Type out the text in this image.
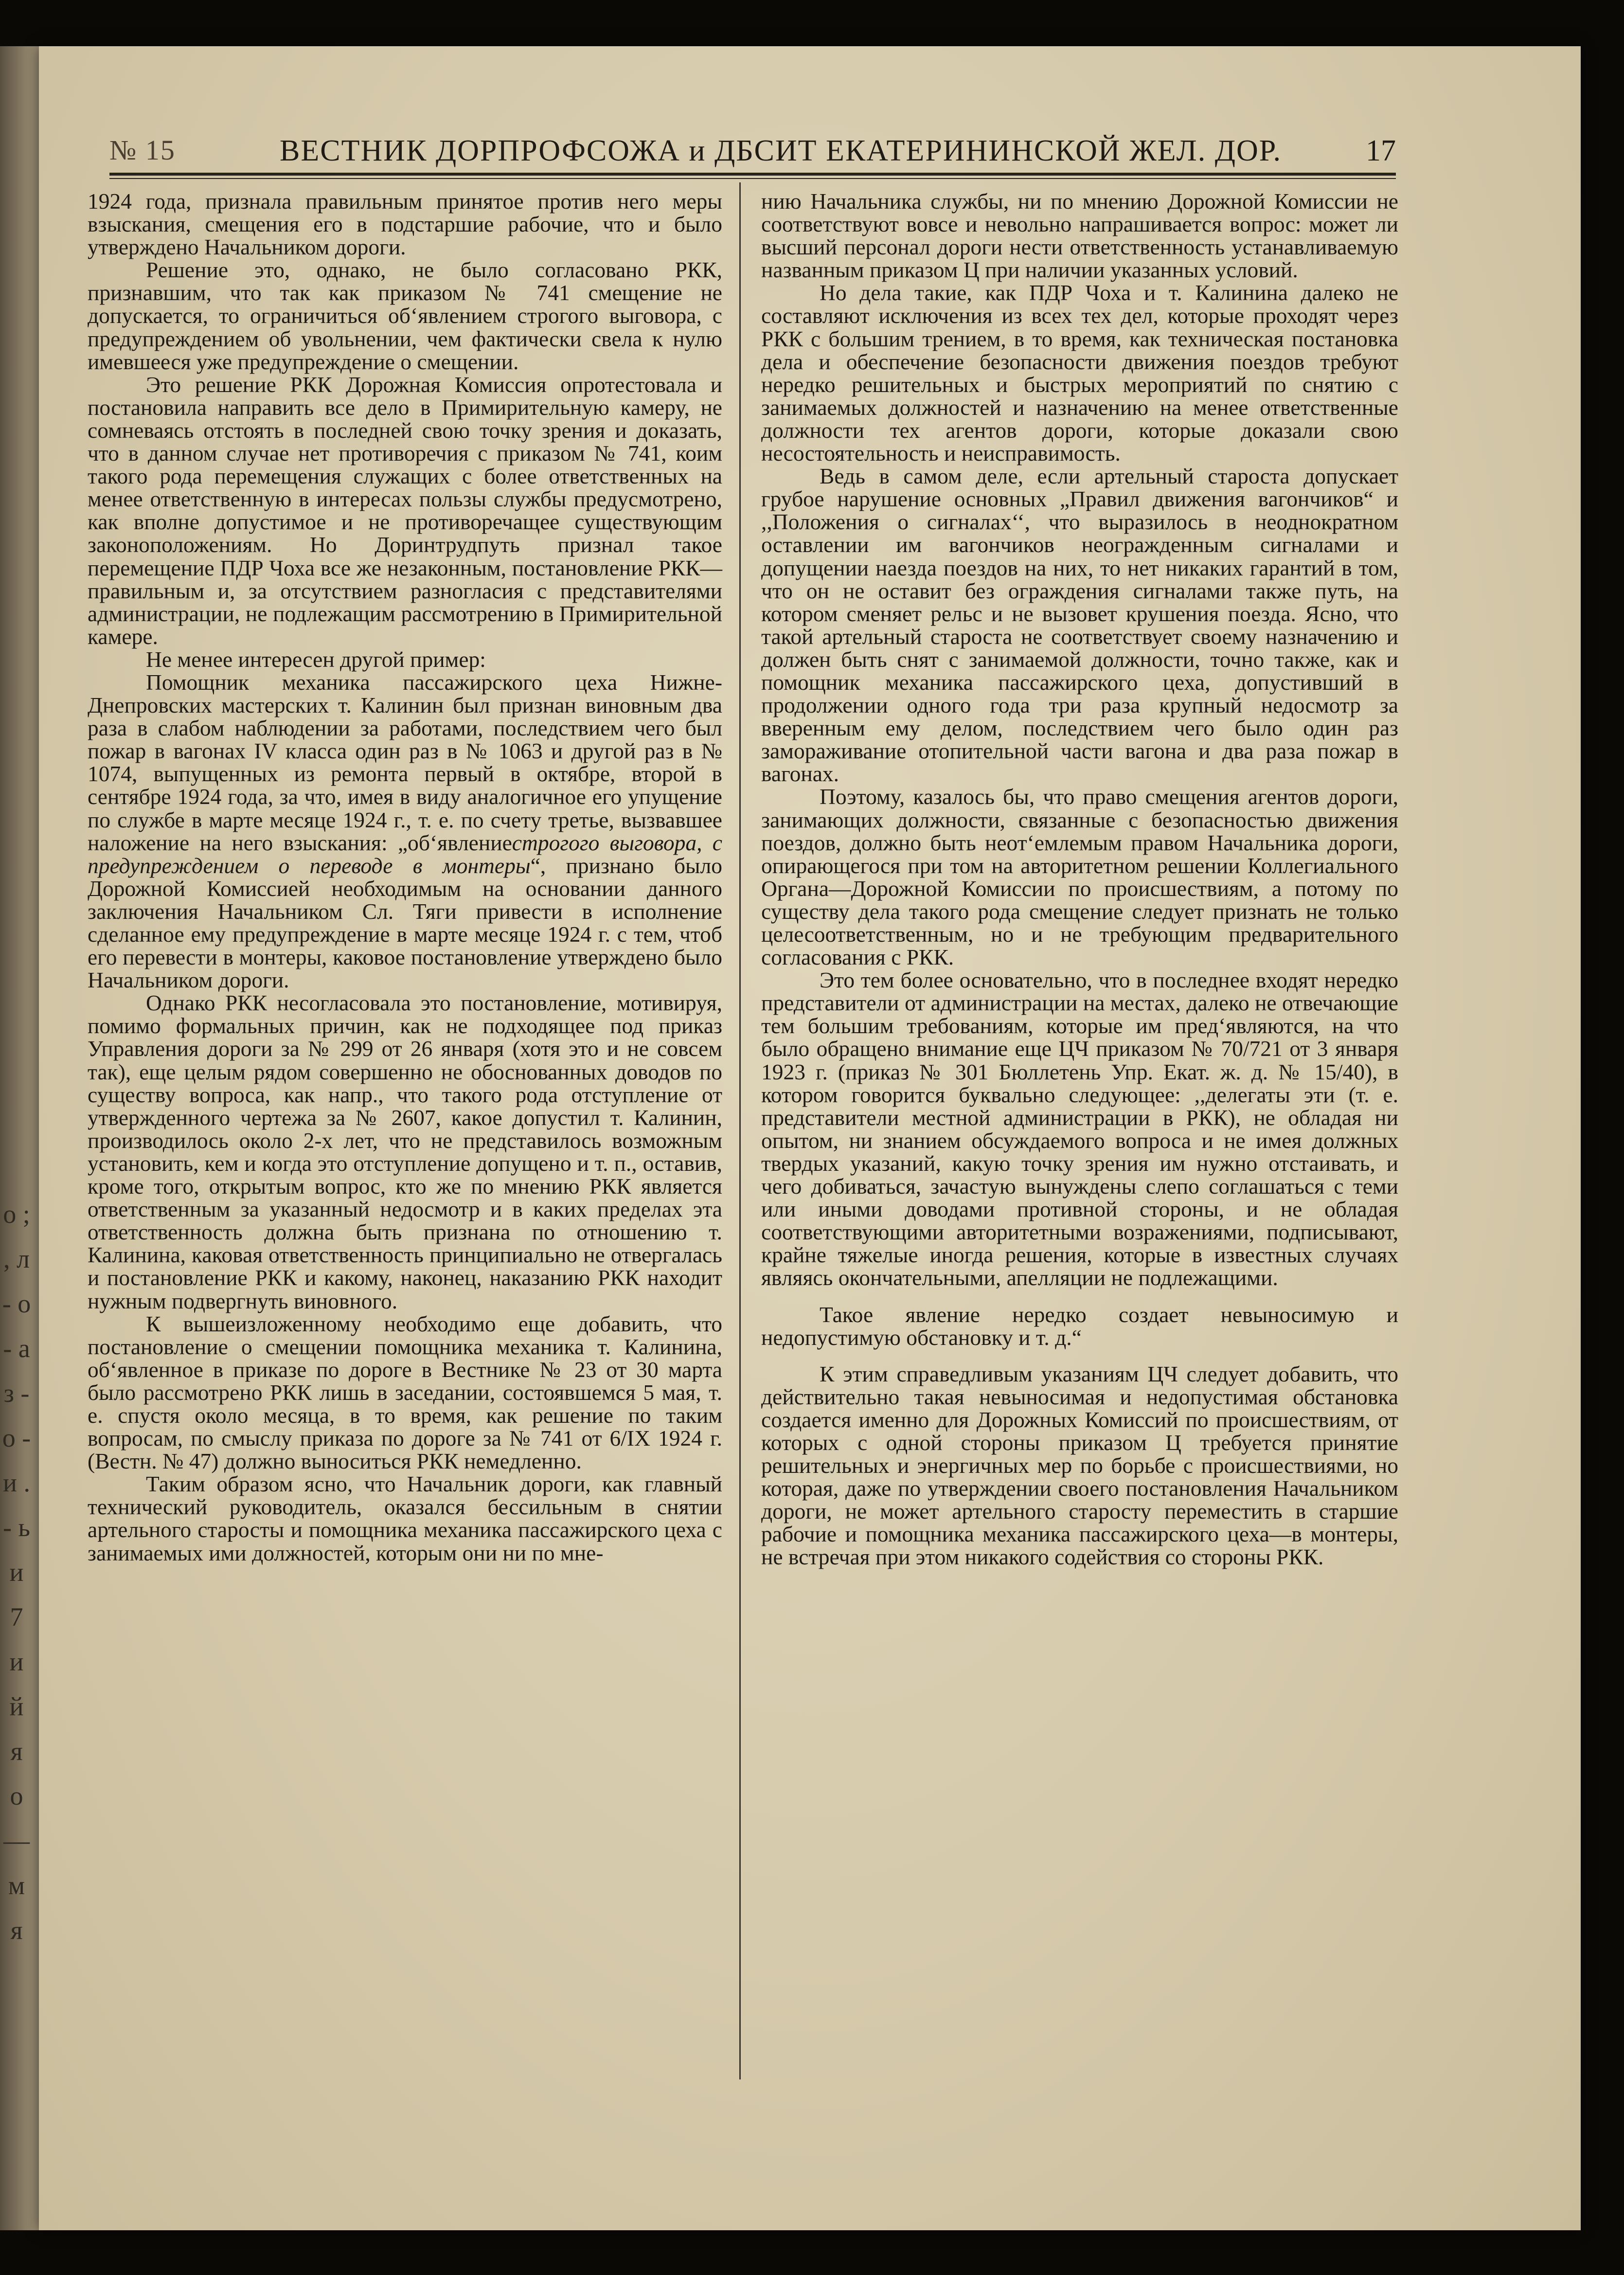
о ; , л - о - а з - о - и . - ь и 7 и й я о — м я
№ 15	ВЕСТНИК ДОРПРОФСОЖА и ДБСИТ ЕКАТЕРИНИНСКОЙ ЖЕЛ. ДОР.	17

1924 года, признала правильным принятое против него меры взыскания, смещения его в подстаршие рабочие, что и было утверждено Начальником дороги.

Решение это, однако, не было согласовано РКК, признавшим, что так как приказом № 741 смещение не допускается, то ограничиться об‘явлением строгого выговора, с предупреждением об увольнении, чем фактически свела к нулю имевшееся уже предупреждение о смещении.

Это решение РКК Дорожная Комиссия опротестовала и постановила направить все дело в Примирительную камеру, не сомневаясь отстоять в последней свою точку зрения и доказать, что в данном случае нет противоречия с приказом № 741, коим такого рода перемещения служащих с более ответственных на менее ответственную в интересах пользы службы предусмотрено, как вполне допустимое и не противоречащее существующим законоположениям. Но Доринтрудпуть признал такое перемещение ПДР Чоха все же незаконным, постановление РКК—правильным и, за отсутствием разногласия с представителями администрации, не подлежащим рассмотрению в Примирительной камере.

Не менее интересен другой пример:

Помощник механика пассажирского цеха Нижне-Днепровских мастерских т. Калинин был признан виновным два раза в слабом наблюдении за работами, последствием чего был пожар в вагонах IV класса один раз в № 1063 и другой раз в № 1074, выпущенных из ремонта первый в октябре, второй в сентябре 1924 года, за что, имея в виду аналогичное его упущение по службе в марте месяце 1924 г., т. е. по счету третье, вызвавшее наложение на него взыскания: „об‘явлениестрогого выговора, с предупреждением о переводе в монтеры“, признано было Дорожной Комиссией необходимым на основании данного заключения Начальником Сл. Тяги привести в исполнение сделанное ему предупреждение в марте месяце 1924 г. с тем, чтоб его перевести в монтеры, каковое постановление утверждено было Начальником дороги.

Однако РКК несогласовала это постановление, мотивируя, помимо формальных причин, как не подходящее под приказ Управления дороги за № 299 от 26 января (хотя это и не совсем так), еще целым рядом совершенно не обоснованных доводов по существу вопроса, как напр., что такого рода отступление от утвержденного чертежа за № 2607, какое допустил т. Калинин, производилось около 2-х лет, что не представилось возможным установить, кем и когда это отступление допущено и т. п., оставив, кроме того, открытым вопрос, кто же по мнению РКК является ответственным за указанный недосмотр и в каких пределах эта ответственность должна быть признана по отношению т. Калинина, каковая ответственность принципиально не отвергалась и постановление РКК и какому, наконец, наказанию РКК находит нужным подвергнуть виновного.

К вышеизложенному необходимо еще добавить, что постановление о смещении помощника механика т. Калинина, об‘явленное в приказе по дороге в Вестнике № 23 от 30 марта было рассмотрено РКК лишь в заседании, состоявшемся 5 мая, т. е. спустя около месяца, в то время, как решение по таким вопросам, по смыслу приказа по дороге за № 741 от 6/IX 1924 г. (Вестн. № 47) должно выноситься РКК немедленно.

Таким образом ясно, что Начальник дороги, как главный технический руководитель, оказался бессильным в снятии артельного старосты и помощника механика пассажирского цеха с занимаемых ими должностей, которым они ни по мне-

нию Начальника службы, ни по мнению Дорожной Комиссии не соответствуют вовсе и невольно напрашивается вопрос: может ли высший персонал дороги нести ответственность устанавливаемую названным приказом Ц при наличии указанных условий.

Но дела такие, как ПДР Чоха и т. Калинина далеко не составляют исключения из всех тех дел, которые проходят через РКК с большим трением, в то время, как техническая постановка дела и обеспечение безопасности движения поездов требуют нередко решительных и быстрых мероприятий по снятию с занимаемых должностей и назначению на менее ответственные должности тех агентов дороги, которые доказали свою несостоятельность и неисправимость.

Ведь в самом деле, если артельный староста допускает грубое нарушение основных „Правил движения вагончиков“ и ,,Положения о сигналах‘‘, что выразилось в неоднократном оставлении им вагончиков неогражденным сигналами и допущении наезда поездов на них, то нет никаких гарантий в том, что он не оставит без ограждения сигналами также путь, на котором сменяет рельс и не вызовет крушения поезда. Ясно, что такой артельный староста не соответствует своему назначению и должен быть снят с занимаемой должности, точно также, как и помощник механика пассажирского цеха, допустивший в продолжении одного года три раза крупный недосмотр за вверенным ему делом, последствием чего было один раз замораживание отопительной части вагона и два раза пожар в вагонах.

Поэтому, казалось бы, что право смещения агентов дороги, занимающих должности, связанные с безопасностью движения поездов, должно быть неот‘емлемым правом Начальника дороги, опирающегося при том на авторитетном решении Коллегиального Органа—Дорожной Комиссии по происшествиям, а потому по существу дела такого рода смещение следует признать не только целесоответственным, но и не требующим предварительного согласования с РКК.

Это тем более основательно, что в последнее входят нередко представители от администрации на местах, далеко не отвечающие тем большим требованиям, которые им пред‘являются, на что было обращено внимание еще ЦЧ приказом № 70/721 от 3 января 1923 г. (приказ № 301 Бюллетень Упр. Екат. ж. д. № 15/40), в котором говорится буквально следующее: ,,делегаты эти (т. е. представители местной администрации в РКК), не обладая ни опытом, ни знанием обсуждаемого вопроса и не имея должных твердых указаний, какую точку зрения им нужно отстаивать, и чего добиваться, зачастую вынуждены слепо соглашаться с теми или иными доводами противной стороны, и не обладая соответствующими авторитетными возражениями, подписывают, крайне тяжелые иногда решения, которые в известных случаях являясь окончательными, апелляции не подлежащими.

Такое явление нередко создает невыносимую и недопустимую обстановку и т. д.“

К этим справедливым указаниям ЦЧ следует добавить, что действительно такая невыносимая и недопустимая обстановка создается именно для Дорожных Комиссий по происшествиям, от которых с одной стороны приказом Ц требуется принятие решительных и энергичных мер по борьбе с происшествиями, но которая, даже по утверждении своего постановления Начальником дороги, не может артельного старосту переместить в старшие рабочие и помощника механика пассажирского цеха—в монтеры, не встречая при этом никакого содействия со стороны РКК.
